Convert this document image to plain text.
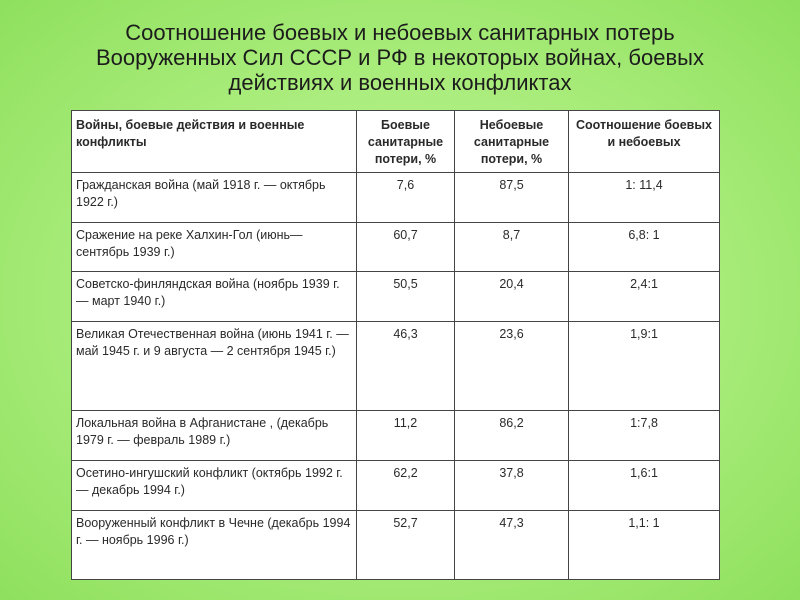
Соотношение боевых и небоевых санитарных потерь
Вооруженных Сил СССР и РФ в некоторых войнах, боевых
действиях и военных конфликтах
Войны, боевые действия и военные конфликты	Боевые санитарные потери, %	Небоевые санитарные потери, %	Соотношение боевых и небоевых
Гражданская война (май 1918 г. — октябрь 1922 г.)	7,6	87,5	1: 11,4
Сражение на реке Халхин-Гол (июнь—сентябрь 1939 г.)	60,7	8,7	6,8: 1
Советско-финляндская война (ноябрь 1939 г. — март 1940 г.)	50,5	20,4	2,4:1
Великая Отечественная война (июнь 1941 г. — май 1945 г. и 9 августа — 2 сентября 1945 г.)	46,3	23,6	1,9:1
Локальная война в Афганистане , (декабрь 1979 г. — февраль 1989 г.)	11,2	86,2	1:7,8
Осетино-ингушский конфликт (октябрь 1992 г. — декабрь 1994 г.)	62,2	37,8	1,6:1
Вооруженный конфликт в Чечне (декабрь 1994 г. — ноябрь 1996 г.)	52,7	47,3	1,1: 1
